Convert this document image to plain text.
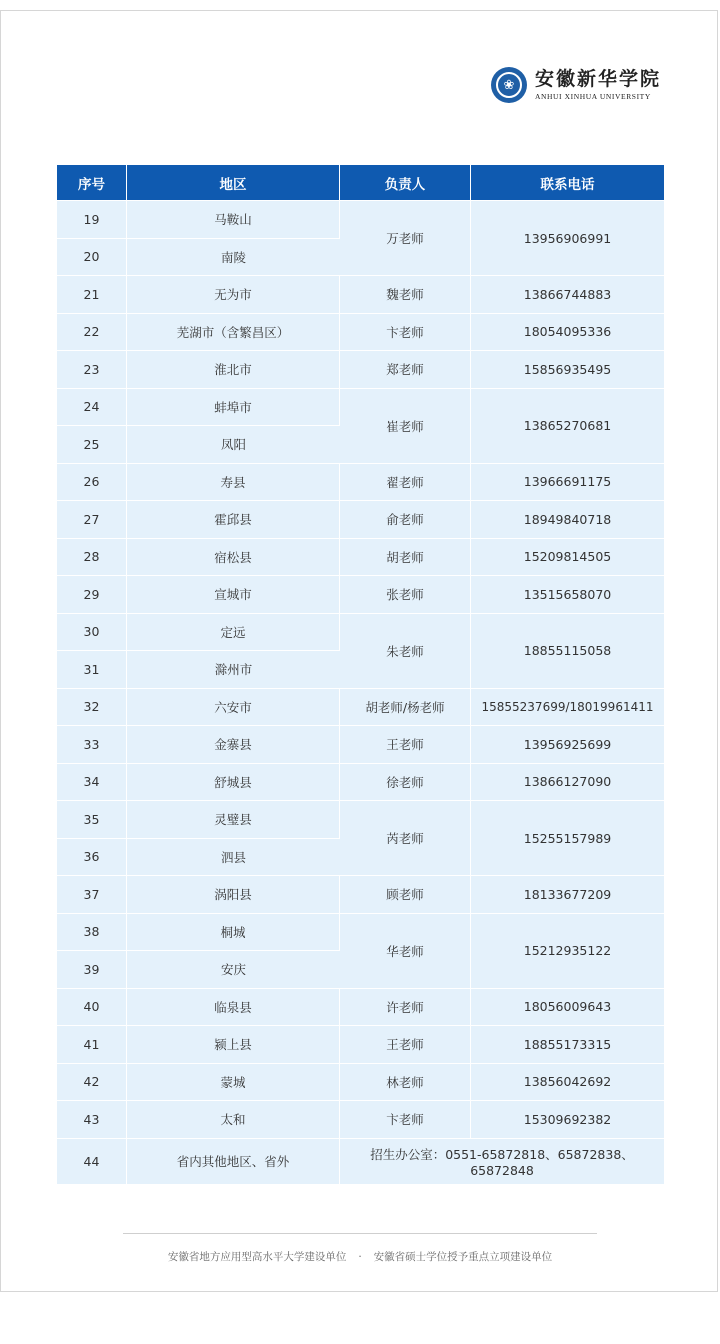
❀	安徽新华学院
ANHUI XINHUA UNIVERSITY
序号	地区	负责人	联系电话
19	马鞍山	万老师	13956906991
20	南陵		
21	无为市	魏老师	13866744883
22	芜湖市（含繁昌区）	卞老师	18054095336
23	淮北市	郑老师	15856935495
24	蚌埠市	崔老师	13865270681
25	凤阳		
26	寿县	翟老师	13966691175
27	霍邱县	俞老师	18949840718
28	宿松县	胡老师	15209814505
29	宣城市	张老师	13515658070
30	定远	朱老师	18855115058
31	滁州市		
32	六安市	胡老师/杨老师	15855237699/18019961411
33	金寨县	王老师	13956925699
34	舒城县	徐老师	13866127090
35	灵璧县	芮老师	15255157989
36	泗县		
37	涡阳县	顾老师	18133677209
38	桐城	华老师	15212935122
39	安庆		
40	临泉县	许老师	18056009643
41	颍上县	王老师	18855173315
42	蒙城	林老师	13856042692
43	太和	卞老师	15309692382
44	省内其他地区、省外	招生办公室：0551-65872818、65872838、65872848	
安徽省地方应用型高水平大学建设单位 · 安徽省硕士学位授予重点立项建设单位
